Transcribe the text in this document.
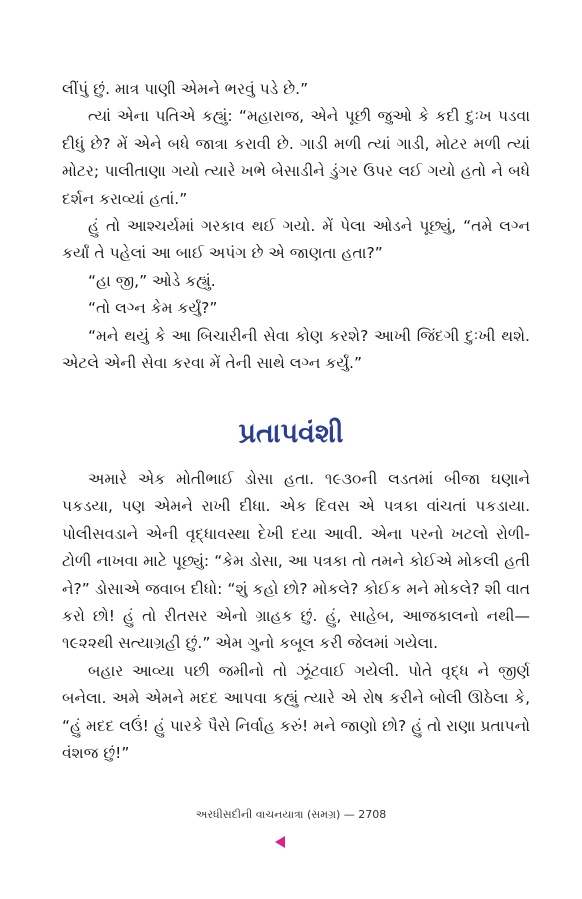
લીંપું છું. માત્ર પાણી એમને ભરવું પડે છે.”

ત્યાં એના પતિએ કહ્યું: “મહારાજ, એને પૂછી જુઓ કે કદી દુઃખ પડવા દીધું છે? મેં એને બધે જાત્રા કરાવી છે. ગાડી મળી ત્યાં ગાડી, મોટર મળી ત્યાં મોટર; પાલીતાણા ગયો ત્યારે ખભે બેસાડીને ડુંગર ઉપર લઈ ગયો હતો ને બધે દર્શન કરાવ્યાં હતાં.”

હું તો આશ્ચર્યમાં ગરકાવ થઈ ગયો. મેં પેલા ઓડને પૂછ્યું, “તમે લગ્ન કર્યાં તે પહેલાં આ બાઈ અપંગ છે એ જાણતા હતા?”

“હા જી,” ઓડે કહ્યું.

“તો લગ્ન કેમ કર્યું?”

“મને થયું કે આ બિચારીની સેવા કોણ કરશે? આખી જિંદગી દુઃખી થશે. એટલે એની સેવા કરવા મેં તેની સાથે લગ્ન કર્યું.”

પ્રતાપવંશી

અમારે એક મોતીભાઈ ડોસા હતા. ૧૯૩૦ની લડતમાં બીજા ઘણાને પકડયા, પણ એમને રાખી દીધા. એક દિવસ એ પત્રકા વાંચતાં પકડાયા. પોલીસવડાને એની વૃદ્ધાવસ્થા દેખી દયા આવી. એના પરનો ખટલો રોળી-ટોળી નાખવા માટે પૂછ્યું: “કેમ ડોસા, આ પત્રકા તો તમને કોઈએ મોકલી હતી ને?” ડોસાએ જવાબ દીધો: “શું કહો છો? મોકલે? કોઈક મને મોકલે? શી વાત કરો છો! હું તો રીતસર એનો ગ્રાહક છું. હું, સાહેબ, આજકાલનો નથી—૧૯૨૨થી સત્યાગ્રહી છું.” એમ ગુનો કબૂલ કરી જેલમાં ગયેલા.

બહાર આવ્યા પછી જમીનો તો ઝૂંટવાઈ ગયેલી. પોતે વૃદ્ધ ને જીર્ણ બનેલા. અમે એમને મદદ આપવા કહ્યું ત્યારે એ રોષ કરીને બોલી ઊઠેલા કે, “હું મદદ લઉં! હું પારકે પૈસે નિર્વાહ કરું! મને જાણો છો? હું તો રાણા પ્રતાપનો વંશજ છું!”

અરધીસદીની વાચનયાત્રા (સમગ્ર) — 2708
